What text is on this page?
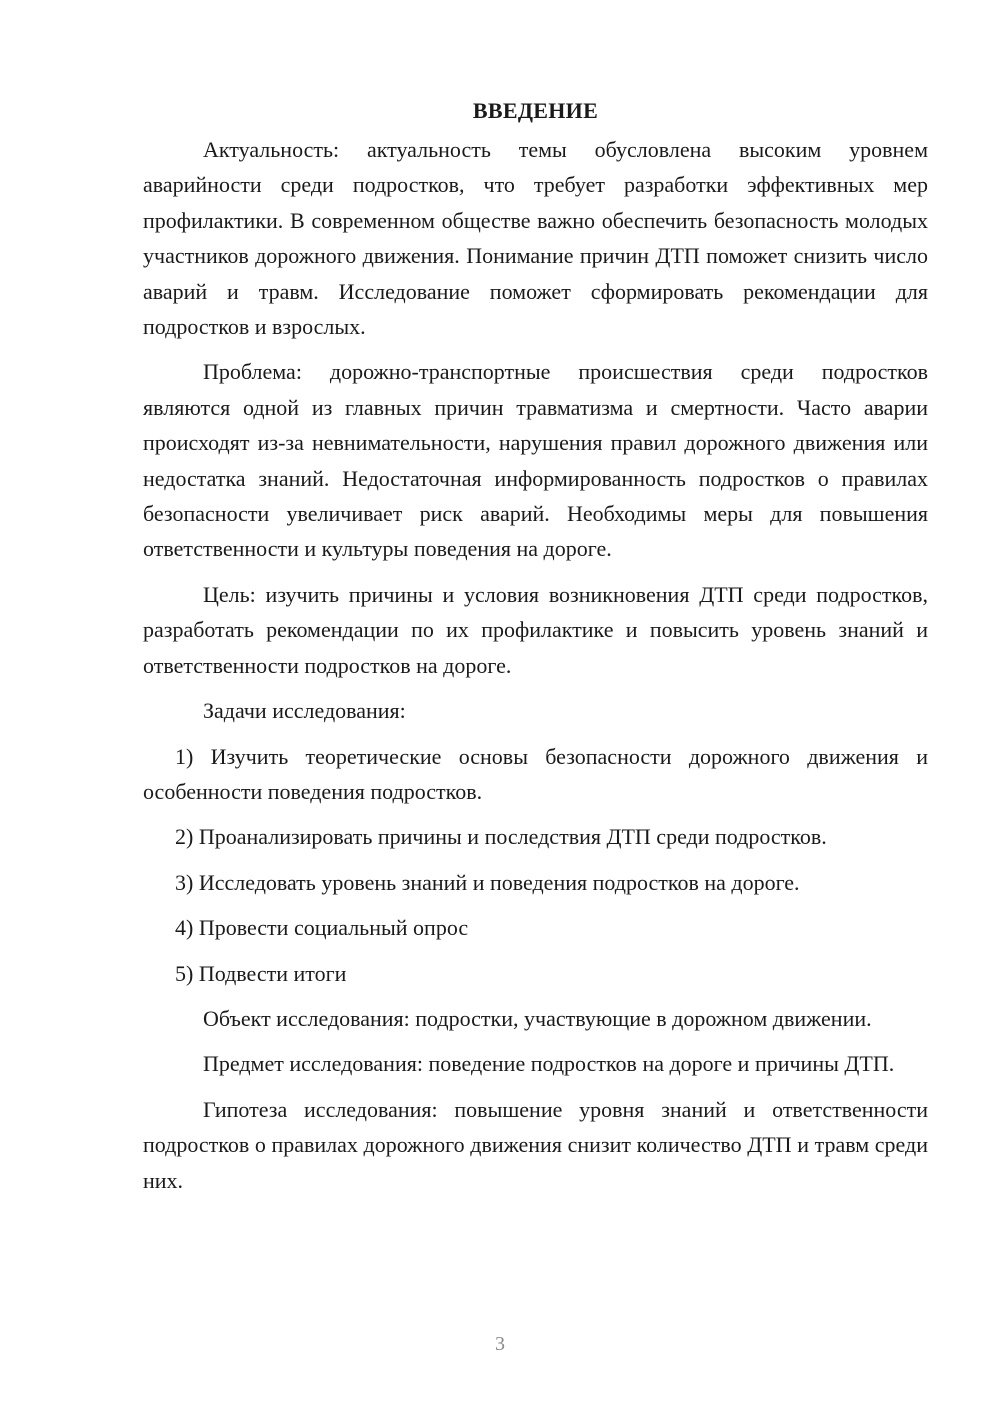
ВВЕДЕНИЕ

Актуальность: актуальность темы обусловлена высоким уровнем аварийности среди подростков, что требует разработки эффективных мер профилактики. В современном обществе важно обеспечить безопасность молодых участников дорожного движения. Понимание причин ДТП поможет снизить число аварий и травм. Исследование поможет сформировать рекомендации для подростков и взрослых.

Проблема: дорожно-транспортные происшествия среди подростков являются одной из главных причин травматизма и смертности. Часто аварии происходят из-за невнимательности, нарушения правил дорожного движения или недостатка знаний. Недостаточная информированность подростков о правилах безопасности увеличивает риск аварий. Необходимы меры для повышения ответственности и культуры поведения на дороге.

Цель: изучить причины и условия возникновения ДТП среди подростков, разработать рекомендации по их профилактике и повысить уровень знаний и ответственности подростков на дороге.

Задачи исследования:

1) Изучить теоретические основы безопасности дорожного движения и особенности поведения подростков.

2) Проанализировать причины и последствия ДТП среди подростков.

3) Исследовать уровень знаний и поведения подростков на дороге.

4) Провести социальный опрос

5) Подвести итоги

Объект исследования: подростки, участвующие в дорожном движении.

Предмет исследования: поведение подростков на дороге и причины ДТП.

Гипотеза исследования: повышение уровня знаний и ответственности подростков о правилах дорожного движения снизит количество ДТП и травм среди них.

3
